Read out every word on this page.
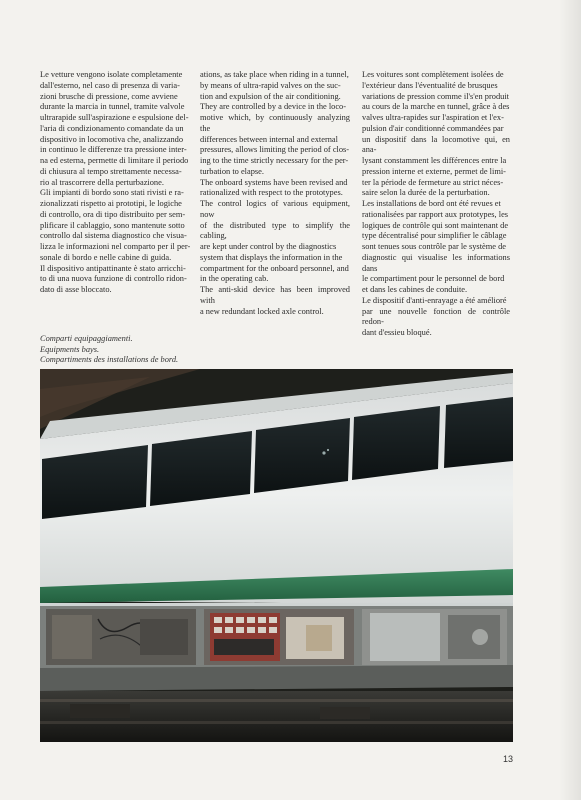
Le vetture vengono isolate completamente
dall'esterno, nel caso di presenza di varia-
zioni brusche di pressione, come avviene
durante la marcia in tunnel, tramite valvole
ultrarapide sull'aspirazione e espulsione del-
l'aria di condizionamento comandate da un
dispositivo in locomotiva che, analizzando
in continuo le differenze tra pressione inter-
na ed esterna, permette di limitare il periodo
di chiusura al tempo strettamente necessa-
rio al trascorrere della perturbazione.
Gli impianti di bordo sono stati rivisti e ra-
zionalizzati rispetto ai prototipi, le logiche
di controllo, ora di tipo distribuito per sem-
plificare il cablaggio, sono mantenute sotto
controllo dal sistema diagnostico che visua-
lizza le informazioni nel comparto per il per-
sonale di bordo e nelle cabine di guida.
Il dispositivo antipattinante è stato arricchi-
to di una nuova funzione di controllo ridon-
dato di asse bloccato.
ations, as take place when riding in a tunnel,
by means of ultra-rapid valves on the suc-
tion and expulsion of the air conditioning.
They are controlled by a device in the loco-
motive which, by continuously analyzing the
differences between internal and external
pressures, allows limiting the period of clos-
ing to the time strictly necessary for the per-
turbation to elapse.
The onboard systems have been revised and
rationalized with respect to the prototypes.
The control logics of various equipment, now
of the distributed type to simplify the cabling,
are kept under control by the diagnostics
system that displays the information in the
compartment for the onboard personnel, and
in the operating cab.
The anti-skid device has been improved with
a new redundant locked axle control.
Les voitures sont complètement isolées de
l'extérieur dans l'éventualité de brusques
variations de pression comme il's'en produit
au cours de la marche en tunnel, grâce à des
valves ultra-rapides sur l'aspiration et l'ex-
pulsion d'air conditionné commandées par
un dispositif dans la locomotive qui, en ana-
lysant constamment les différences entre la
pression interne et externe, permet de limi-
ter la période de fermeture au strict néces-
saire selon la durée de la perturbation.
Les installations de bord ont été revues et
rationalisées par rapport aux prototypes, les
logiques de contrôle qui sont maintenant de
type décentralisé pour simplifier le câblage
sont tenues sous contrôle par le système de
diagnostic qui visualise les informations dans
le compartiment pour le personnel de bord
et dans les cabines de conduite.
Le dispositif d'anti-enrayage a été amélioré
par une nouvelle fonction de contrôle redon-
dant d'essieu bloqué.
Comparti equipaggiamenti.
Equipments bays.
Compartiments des installations de bord.
13
